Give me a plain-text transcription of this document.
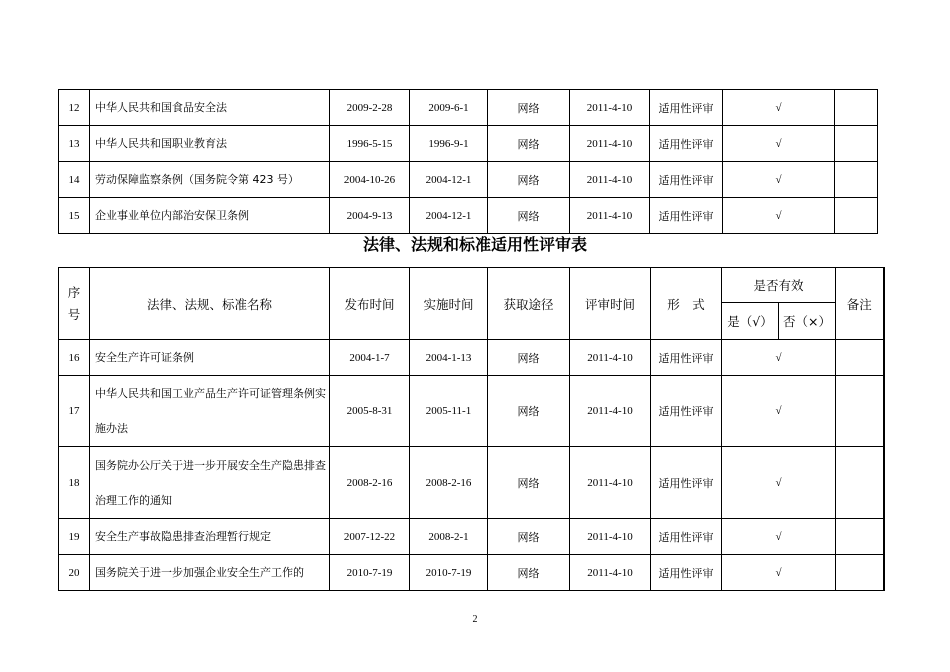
12	中华人民共和国食品安全法	2009-2-28	2009-6-1	网络	2011-4-10	适用性评审	√	
13	中华人民共和国职业教育法	1996-5-15	1996-9-1	网络	2011-4-10	适用性评审	√	
14	劳动保障监察条例（国务院令第 423 号）	2004-10-26	2004-12-1	网络	2011-4-10	适用性评审	√	
15	企业事业单位内部治安保卫条例	2004-9-13	2004-12-1	网络	2011-4-10	适用性评审	√	
法律、法规和标准适用性评审表
序号	法律、法规、标准名称	发布时间	实施时间	获取途径	评审时间	形　式	是否有效		备注
							是（√）	否（×）	
16	安全生产许可证条例	2004-1-7	2004-1-13	网络	2011-4-10	适用性评审	√		
17	中华人民共和国工业产品生产许可证管理条例实施办法	2005-8-31	2005-11-1	网络	2011-4-10	适用性评审	√		
18	国务院办公厅关于进一步开展安全生产隐患排查治理工作的通知	2008-2-16	2008-2-16	网络	2011-4-10	适用性评审	√		
19	安全生产事故隐患排查治理暂行规定	2007-12-22	2008-2-1	网络	2011-4-10	适用性评审	√		
20	国务院关于进一步加强企业安全生产工作的	2010-7-19	2010-7-19	网络	2011-4-10	适用性评审	√		
2
